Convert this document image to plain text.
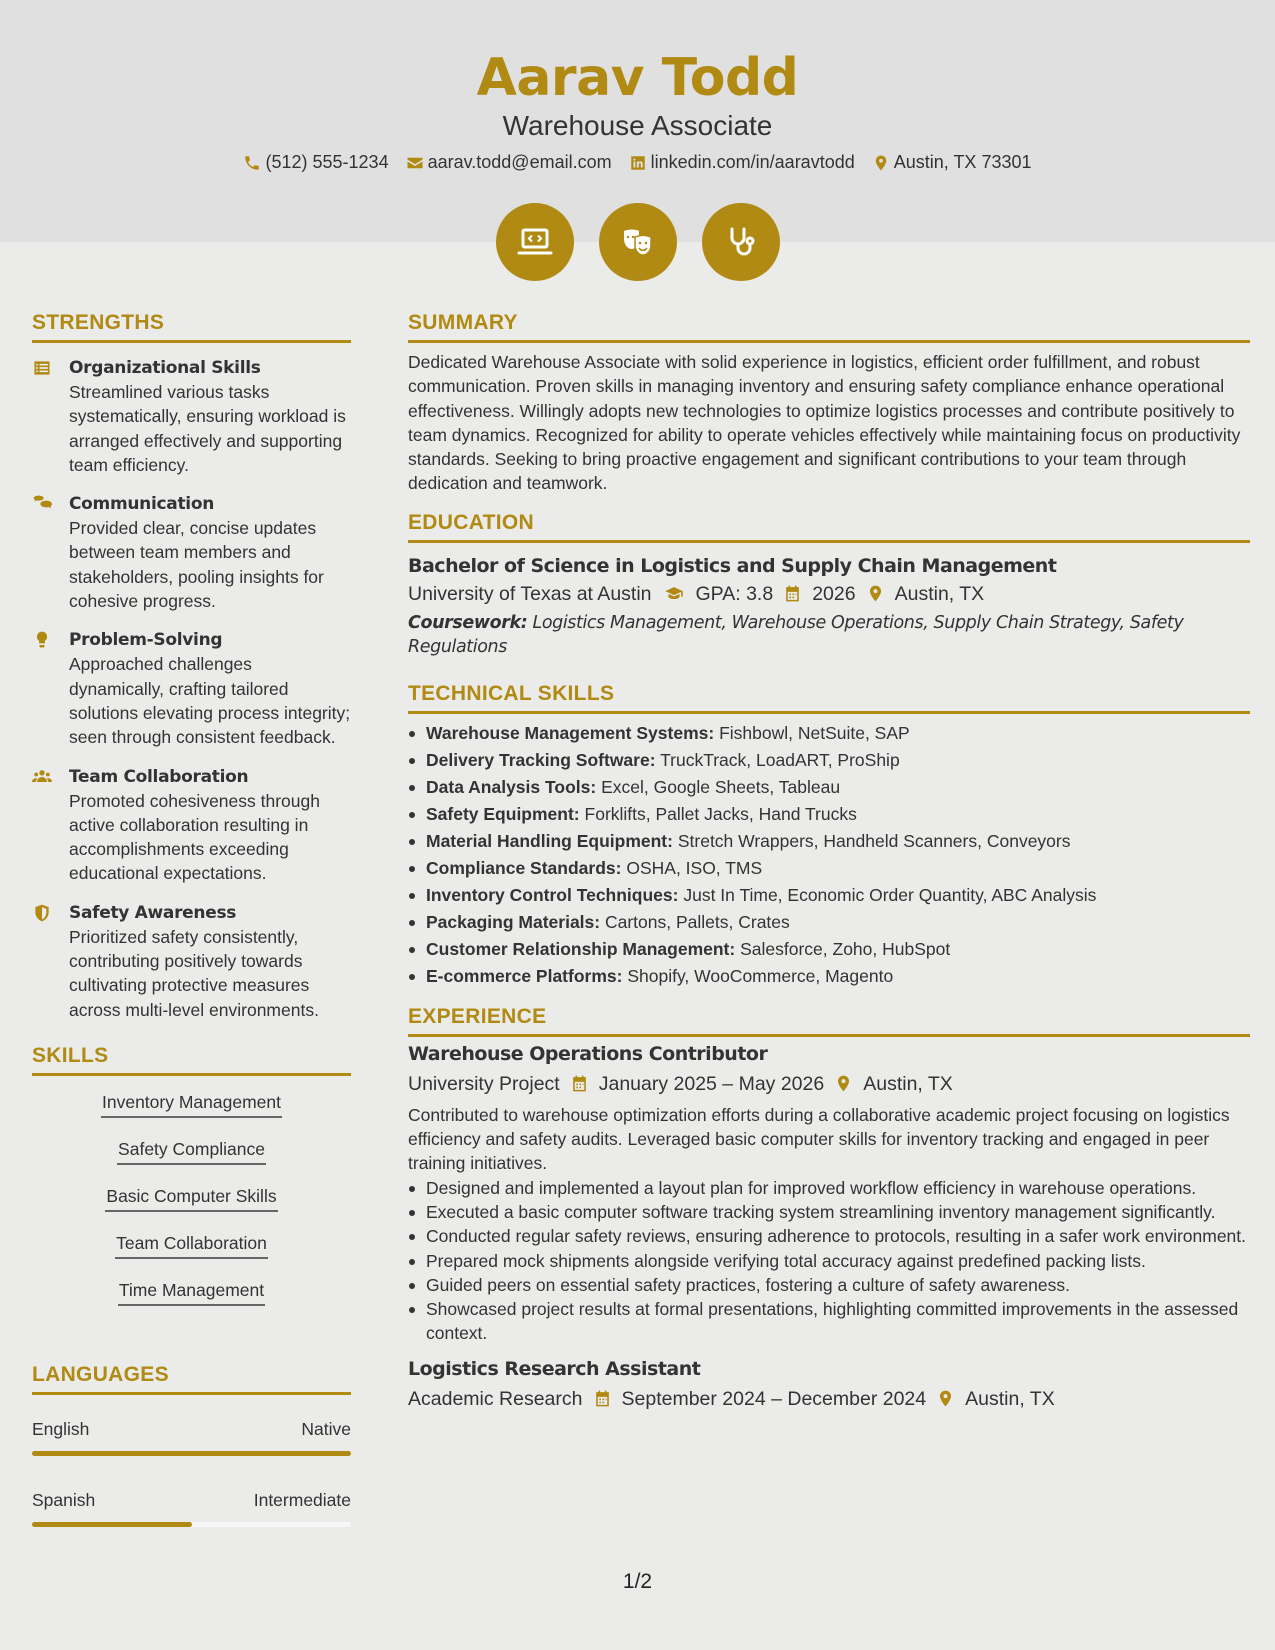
Aarav Todd
Warehouse Associate
(512) 555-1234 aarav.todd@email.com linkedin.com/in/aaravtodd Austin, TX 73301
STRENGTHS
Organizational Skills
Streamlined various tasks systematically, ensuring workload is arranged effectively and supporting team efficiency.
Communication
Provided clear, concise updates between team members and stakeholders, pooling insights for cohesive progress.
Problem-Solving
Approached challenges dynamically, crafting tailored solutions elevating process integrity; seen through consistent feedback.
Team Collaboration
Promoted cohesiveness through active collaboration resulting in accomplishments exceeding educational expectations.
Safety Awareness
Prioritized safety consistently, contributing positively towards cultivating protective measures across multi-level environments.
SKILLS
Inventory Management
Safety Compliance
Basic Computer Skills
Team Collaboration
Time Management
LANGUAGES
English	Native
Spanish	Intermediate
SUMMARY
Dedicated Warehouse Associate with solid experience in logistics, efficient order fulfillment, and robust communication. Proven skills in managing inventory and ensuring safety compliance enhance operational effectiveness. Willingly adopts new technologies to optimize logistics processes and contribute positively to team dynamics. Recognized for ability to operate vehicles effectively while maintaining focus on productivity standards. Seeking to bring proactive engagement and significant contributions to your team through dedication and teamwork.
EDUCATION
Bachelor of Science in Logistics and Supply Chain Management
University of Texas at Austin GPA: 3.8 2026 Austin, TX
Coursework: Logistics Management, Warehouse Operations, Supply Chain Strategy, Safety Regulations
TECHNICAL SKILLS
Warehouse Management Systems: Fishbowl, NetSuite, SAP
Delivery Tracking Software: TruckTrack, LoadART, ProShip
Data Analysis Tools: Excel, Google Sheets, Tableau
Safety Equipment: Forklifts, Pallet Jacks, Hand Trucks
Material Handling Equipment: Stretch Wrappers, Handheld Scanners, Conveyors
Compliance Standards: OSHA, ISO, TMS
Inventory Control Techniques: Just In Time, Economic Order Quantity, ABC Analysis
Packaging Materials: Cartons, Pallets, Crates
Customer Relationship Management: Salesforce, Zoho, HubSpot
E-commerce Platforms: Shopify, WooCommerce, Magento
EXPERIENCE
Warehouse Operations Contributor
University Project January 2025 – May 2026 Austin, TX
Contributed to warehouse optimization efforts during a collaborative academic project focusing on logistics efficiency and safety audits. Leveraged basic computer skills for inventory tracking and engaged in peer training initiatives.
Designed and implemented a layout plan for improved workflow efficiency in warehouse operations.
Executed a basic computer software tracking system streamlining inventory management significantly.
Conducted regular safety reviews, ensuring adherence to protocols, resulting in a safer work environment.
Prepared mock shipments alongside verifying total accuracy against predefined packing lists.
Guided peers on essential safety practices, fostering a culture of safety awareness.
Showcased project results at formal presentations, highlighting committed improvements in the assessed context.
Logistics Research Assistant
Academic Research September 2024 – December 2024 Austin, TX
1/2
